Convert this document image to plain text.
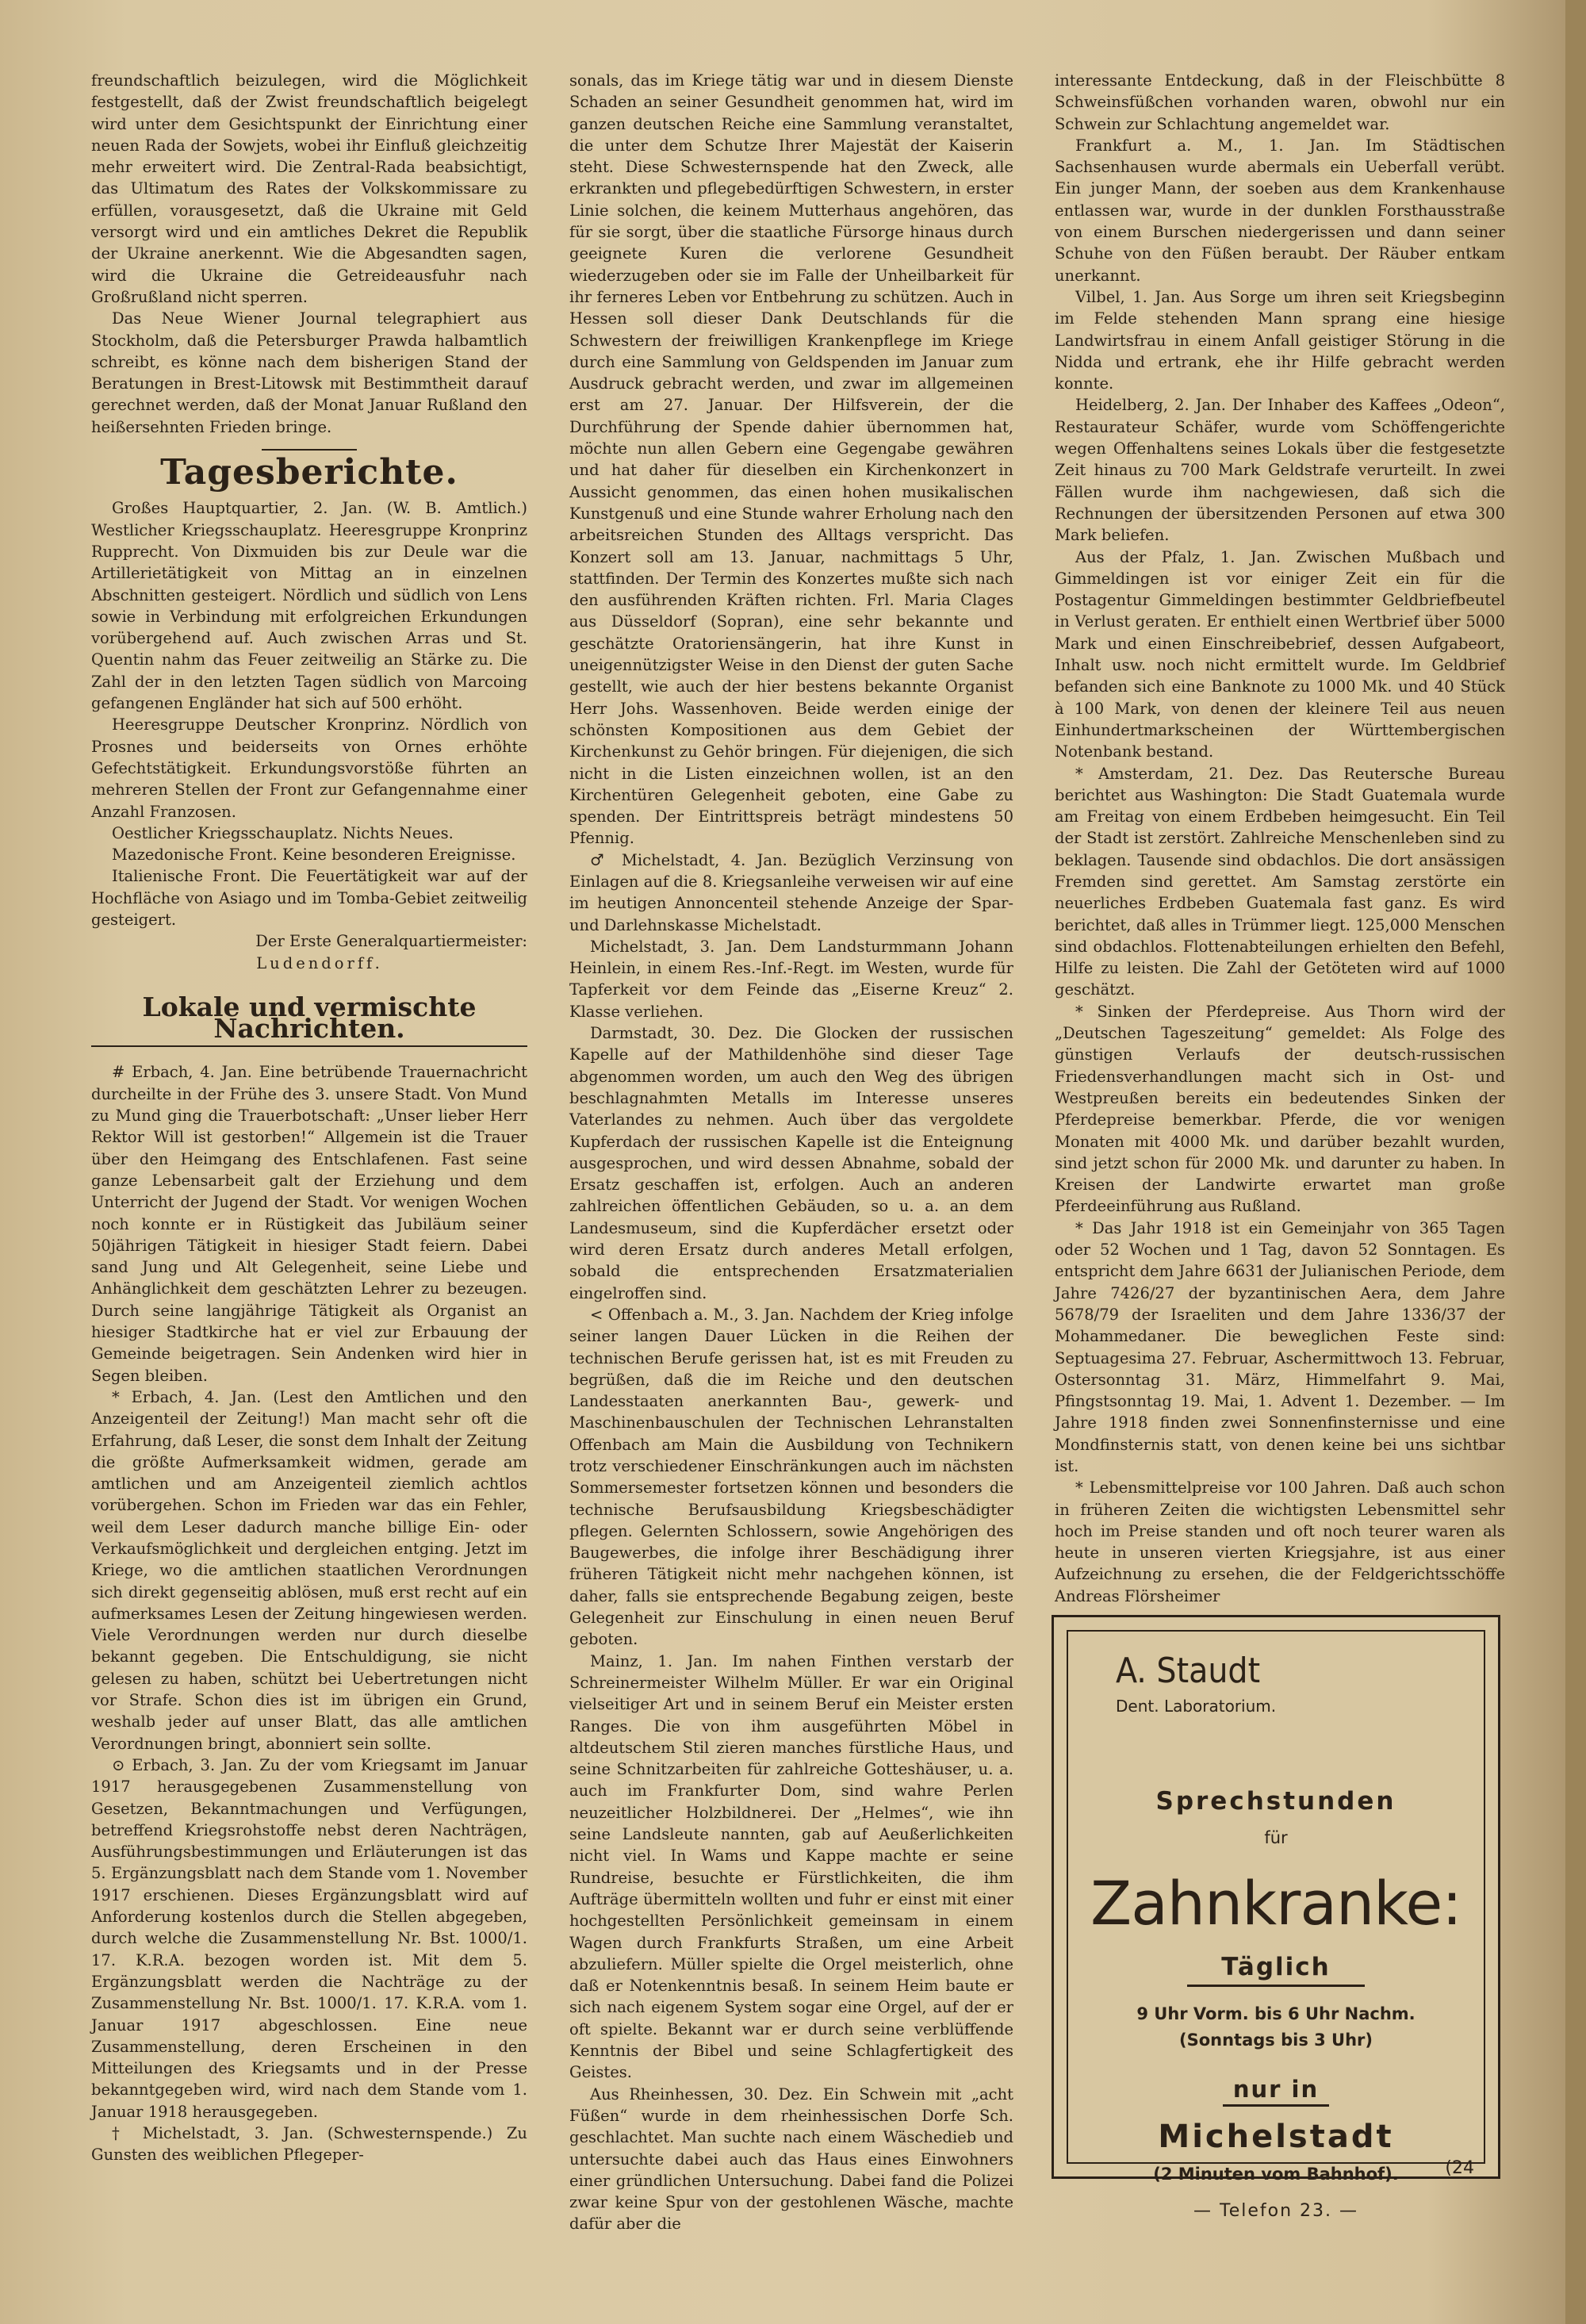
freundschaftlich beizulegen, wird die Möglichkeit festgestellt, daß der Zwist freundschaftlich beigelegt wird unter dem Gesichtspunkt der Einrichtung einer neuen Rada der Sowjets, wobei ihr Einfluß gleichzeitig mehr erweitert wird. Die Zentral-Rada beabsichtigt, das Ultimatum des Rates der Volkskommissare zu erfüllen, vorausgesetzt, daß die Ukraine mit Geld versorgt wird und ein amtliches Dekret die Republik der Ukraine anerkennt. Wie die Abgesandten sagen, wird die Ukraine die Getreideausfuhr nach Großrußland nicht sperren.

Das Neue Wiener Journal telegraphiert aus Stockholm, daß die Petersburger Prawda halbamtlich schreibt, es könne nach dem bisherigen Stand der Beratungen in Brest-Litowsk mit Bestimmtheit darauf gerechnet werden, daß der Monat Januar Rußland den heißersehnten Frieden bringe.

Tagesberichte.

Großes Hauptquartier, 2. Jan. (W. B. Amtlich.) Westlicher Kriegsschauplatz. Heeresgruppe Kronprinz Rupprecht. Von Dixmuiden bis zur Deule war die Artillerietätigkeit von Mittag an in einzelnen Abschnitten gesteigert. Nördlich und südlich von Lens sowie in Verbindung mit erfolgreichen Erkundungen vorübergehend auf. Auch zwischen Arras und St. Quentin nahm das Feuer zeitweilig an Stärke zu. Die Zahl der in den letzten Tagen südlich von Marcoing gefangenen Engländer hat sich auf 500 erhöht.

Heeresgruppe Deutscher Kronprinz. Nördlich von Prosnes und beiderseits von Ornes erhöhte Gefechtstätigkeit. Erkundungsvorstöße führten an mehreren Stellen der Front zur Gefangennahme einer Anzahl Franzosen.

Oestlicher Kriegsschauplatz. Nichts Neues.

Mazedonische Front. Keine besonderen Ereignisse.

Italienische Front. Die Feuertätigkeit war auf der Hochfläche von Asiago und im Tomba-Gebiet zeitweilig gesteigert.

Der Erste Generalquartiermeister:

Ludendorff.

Lokale und vermischte Nachrichten.

# Erbach, 4. Jan. Eine betrübende Trauernachricht durcheilte in der Frühe des 3. unsere Stadt. Von Mund zu Mund ging die Trauerbotschaft: „Unser lieber Herr Rektor Will ist gestorben!“ Allgemein ist die Trauer über den Heimgang des Entschlafenen. Fast seine ganze Lebensarbeit galt der Erziehung und dem Unterricht der Jugend der Stadt. Vor wenigen Wochen noch konnte er in Rüstigkeit das Jubiläum seiner 50jährigen Tätigkeit in hiesiger Stadt feiern. Dabei sand Jung und Alt Gelegenheit, seine Liebe und Anhänglichkeit dem geschätzten Lehrer zu bezeugen. Durch seine langjährige Tätigkeit als Organist an hiesiger Stadtkirche hat er viel zur Erbauung der Gemeinde beigetragen. Sein Andenken wird hier in Segen bleiben.

* Erbach, 4. Jan. (Lest den Amtlichen und den Anzeigenteil der Zeitung!) Man macht sehr oft die Erfahrung, daß Leser, die sonst dem Inhalt der Zeitung die größte Aufmerksamkeit widmen, gerade am amtlichen und am Anzeigenteil ziemlich achtlos vorübergehen. Schon im Frieden war das ein Fehler, weil dem Leser dadurch manche billige Ein- oder Verkaufsmöglichkeit und dergleichen entging. Jetzt im Kriege, wo die amtlichen staatlichen Verordnungen sich direkt gegenseitig ablösen, muß erst recht auf ein aufmerksames Lesen der Zeitung hingewiesen werden. Viele Verordnungen werden nur durch dieselbe bekannt gegeben. Die Entschuldigung, sie nicht gelesen zu haben, schützt bei Uebertretungen nicht vor Strafe. Schon dies ist im übrigen ein Grund, weshalb jeder auf unser Blatt, das alle amtlichen Verordnungen bringt, abonniert sein sollte.

⊙ Erbach, 3. Jan. Zu der vom Kriegsamt im Januar 1917 herausgegebenen Zusammenstellung von Gesetzen, Bekanntmachungen und Verfügungen, betreffend Kriegsrohstoffe nebst deren Nachträgen, Ausführungsbestimmungen und Erläuterungen ist das 5. Ergänzungsblatt nach dem Stande vom 1. November 1917 erschienen. Dieses Ergänzungsblatt wird auf Anforderung kostenlos durch die Stellen abgegeben, durch welche die Zusammenstellung Nr. Bst. 1000/1. 17. K.R.A. bezogen worden ist. Mit dem 5. Ergänzungsblatt werden die Nachträge zu der Zusammenstellung Nr. Bst. 1000/1. 17. K.R.A. vom 1. Januar 1917 abgeschlossen. Eine neue Zusammenstellung, deren Erscheinen in den Mitteilungen des Kriegsamts und in der Presse bekanntgegeben wird, wird nach dem Stande vom 1. Januar 1918 herausgegeben.

† Michelstadt, 3. Jan. (Schwesternspende.) Zu Gunsten des weiblichen Pflegeper-

sonals, das im Kriege tätig war und in diesem Dienste Schaden an seiner Gesundheit genommen hat, wird im ganzen deutschen Reiche eine Sammlung veranstaltet, die unter dem Schutze Ihrer Majestät der Kaiserin steht. Diese Schwesternspende hat den Zweck, alle erkrankten und pflegebedürftigen Schwestern, in erster Linie solchen, die keinem Mutterhaus angehören, das für sie sorgt, über die staatliche Fürsorge hinaus durch geeignete Kuren die verlorene Gesundheit wiederzugeben oder sie im Falle der Unheilbarkeit für ihr ferneres Leben vor Entbehrung zu schützen. Auch in Hessen soll dieser Dank Deutschlands für die Schwestern der freiwilligen Krankenpflege im Kriege durch eine Sammlung von Geldspenden im Januar zum Ausdruck gebracht werden, und zwar im allgemeinen erst am 27. Januar. Der Hilfsverein, der die Durchführung der Spende dahier übernommen hat, möchte nun allen Gebern eine Gegengabe gewähren und hat daher für dieselben ein Kirchenkonzert in Aussicht genommen, das einen hohen musikalischen Kunstgenuß und eine Stunde wahrer Erholung nach den arbeitsreichen Stunden des Alltags verspricht. Das Konzert soll am 13. Januar, nachmittags 5 Uhr, stattfinden. Der Termin des Konzertes mußte sich nach den ausführenden Kräften richten. Frl. Maria Clages aus Düsseldorf (Sopran), eine sehr bekannte und geschätzte Oratoriensängerin, hat ihre Kunst in uneigennützigster Weise in den Dienst der guten Sache gestellt, wie auch der hier bestens bekannte Organist Herr Johs. Wassenhoven. Beide werden einige der schönsten Kompositionen aus dem Gebiet der Kirchenkunst zu Gehör bringen. Für diejenigen, die sich nicht in die Listen einzeichnen wollen, ist an den Kirchentüren Gelegenheit geboten, eine Gabe zu spenden. Der Eintrittspreis beträgt mindestens 50 Pfennig.

♂ Michelstadt, 4. Jan. Bezüglich Verzinsung von Einlagen auf die 8. Kriegsanleihe verweisen wir auf eine im heutigen Annoncenteil stehende Anzeige der Spar- und Darlehnskasse Michelstadt.

Michelstadt, 3. Jan. Dem Landsturmmann Johann Heinlein, in einem Res.-Inf.-Regt. im Westen, wurde für Tapferkeit vor dem Feinde das „Eiserne Kreuz“ 2. Klasse verliehen.

Darmstadt, 30. Dez. Die Glocken der russischen Kapelle auf der Mathildenhöhe sind dieser Tage abgenommen worden, um auch den Weg des übrigen beschlagnahmten Metalls im Interesse unseres Vaterlandes zu nehmen. Auch über das vergoldete Kupferdach der russischen Kapelle ist die Enteignung ausgesprochen, und wird dessen Abnahme, sobald der Ersatz geschaffen ist, erfolgen. Auch an anderen zahlreichen öffentlichen Gebäuden, so u. a. an dem Landesmuseum, sind die Kupferdächer ersetzt oder wird deren Ersatz durch anderes Metall erfolgen, sobald die entsprechenden Ersatzmaterialien eingelroffen sind.

< Offenbach a. M., 3. Jan. Nachdem der Krieg infolge seiner langen Dauer Lücken in die Reihen der technischen Berufe gerissen hat, ist es mit Freuden zu begrüßen, daß die im Reiche und den deutschen Landesstaaten anerkannten Bau-, gewerk- und Maschinenbauschulen der Technischen Lehranstalten Offenbach am Main die Ausbildung von Technikern trotz verschiedener Einschränkungen auch im nächsten Sommersemester fortsetzen können und besonders die technische Berufsausbildung Kriegsbeschädigter pflegen. Gelernten Schlossern, sowie Angehörigen des Baugewerbes, die infolge ihrer Beschädigung ihrer früheren Tätigkeit nicht mehr nachgehen können, ist daher, falls sie entsprechende Begabung zeigen, beste Gelegenheit zur Einschulung in einen neuen Beruf geboten.

Mainz, 1. Jan. Im nahen Finthen verstarb der Schreinermeister Wilhelm Müller. Er war ein Original vielseitiger Art und in seinem Beruf ein Meister ersten Ranges. Die von ihm ausgeführten Möbel in altdeutschem Stil zieren manches fürstliche Haus, und seine Schnitzarbeiten für zahlreiche Gotteshäuser, u. a. auch im Frankfurter Dom, sind wahre Perlen neuzeitlicher Holzbildnerei. Der „Helmes“, wie ihn seine Landsleute nannten, gab auf Aeußerlichkeiten nicht viel. In Wams und Kappe machte er seine Rundreise, besuchte er Fürstlichkeiten, die ihm Aufträge übermitteln wollten und fuhr er einst mit einer hochgestellten Persönlichkeit gemeinsam in einem Wagen durch Frankfurts Straßen, um eine Arbeit abzuliefern. Müller spielte die Orgel meisterlich, ohne daß er Notenkenntnis besaß. In seinem Heim baute er sich nach eigenem System sogar eine Orgel, auf der er oft spielte. Bekannt war er durch seine verblüffende Kenntnis der Bibel und seine Schlagfertigkeit des Geistes.

Aus Rheinhessen, 30. Dez. Ein Schwein mit „acht Füßen“ wurde in dem rheinhessischen Dorfe Sch. geschlachtet. Man suchte nach einem Wäschedieb und untersuchte dabei auch das Haus eines Einwohners einer gründlichen Untersuchung. Dabei fand die Polizei zwar keine Spur von der gestohlenen Wäsche, machte dafür aber die

interessante Entdeckung, daß in der Fleischbütte 8 Schweinsfüßchen vorhanden waren, obwohl nur ein Schwein zur Schlachtung angemeldet war.

Frankfurt a. M., 1. Jan. Im Städtischen Sachsenhausen wurde abermals ein Ueberfall verübt. Ein junger Mann, der soeben aus dem Krankenhause entlassen war, wurde in der dunklen Forsthausstraße von einem Burschen niedergerissen und dann seiner Schuhe von den Füßen beraubt. Der Räuber entkam unerkannt.

Vilbel, 1. Jan. Aus Sorge um ihren seit Kriegsbeginn im Felde stehenden Mann sprang eine hiesige Landwirtsfrau in einem Anfall geistiger Störung in die Nidda und ertrank, ehe ihr Hilfe gebracht werden konnte.

Heidelberg, 2. Jan. Der Inhaber des Kaffees „Odeon“, Restaurateur Schäfer, wurde vom Schöffengerichte wegen Offenhaltens seines Lokals über die festgesetzte Zeit hinaus zu 700 Mark Geldstrafe verurteilt. In zwei Fällen wurde ihm nachgewiesen, daß sich die Rechnungen der übersitzenden Personen auf etwa 300 Mark beliefen.

Aus der Pfalz, 1. Jan. Zwischen Mußbach und Gimmeldingen ist vor einiger Zeit ein für die Postagentur Gimmeldingen bestimmter Geldbriefbeutel in Verlust geraten. Er enthielt einen Wertbrief über 5000 Mark und einen Einschreibebrief, dessen Aufgabeort, Inhalt usw. noch nicht ermittelt wurde. Im Geldbrief befanden sich eine Banknote zu 1000 Mk. und 40 Stück à 100 Mark, von denen der kleinere Teil aus neuen Einhundertmarkscheinen der Württembergischen Notenbank bestand.

* Amsterdam, 21. Dez. Das Reutersche Bureau berichtet aus Washington: Die Stadt Guatemala wurde am Freitag von einem Erdbeben heimgesucht. Ein Teil der Stadt ist zerstört. Zahlreiche Menschenleben sind zu beklagen. Tausende sind obdachlos. Die dort ansässigen Fremden sind gerettet. Am Samstag zerstörte ein neuerliches Erdbeben Guatemala fast ganz. Es wird berichtet, daß alles in Trümmer liegt. 125,000 Menschen sind obdachlos. Flottenabteilungen erhielten den Befehl, Hilfe zu leisten. Die Zahl der Getöteten wird auf 1000 geschätzt.

* Sinken der Pferdepreise. Aus Thorn wird der „Deutschen Tageszeitung“ gemeldet: Als Folge des günstigen Verlaufs der deutsch-russischen Friedensverhandlungen macht sich in Ost- und Westpreußen bereits ein bedeutendes Sinken der Pferdepreise bemerkbar. Pferde, die vor wenigen Monaten mit 4000 Mk. und darüber bezahlt wurden, sind jetzt schon für 2000 Mk. und darunter zu haben. In Kreisen der Landwirte erwartet man große Pferdeeinführung aus Rußland.

* Das Jahr 1918 ist ein Gemeinjahr von 365 Tagen oder 52 Wochen und 1 Tag, davon 52 Sonntagen. Es entspricht dem Jahre 6631 der Julianischen Periode, dem Jahre 7426/27 der byzantinischen Aera, dem Jahre 5678/79 der Israeliten und dem Jahre 1336/37 der Mohammedaner. Die beweglichen Feste sind: Septuagesima 27. Februar, Aschermittwoch 13. Februar, Ostersonntag 31. März, Himmelfahrt 9. Mai, Pfingstsonntag 19. Mai, 1. Advent 1. Dezember. — Im Jahre 1918 finden zwei Sonnenfinsternisse und eine Mondfinsternis statt, von denen keine bei uns sichtbar ist.

* Lebensmittelpreise vor 100 Jahren. Daß auch schon in früheren Zeiten die wichtigsten Lebensmittel sehr hoch im Preise standen und oft noch teurer waren als heute in unseren vierten Kriegsjahre, ist aus einer Aufzeichnung zu ersehen, die der Feldgerichtsschöffe Andreas Flörsheimer

A. Staudt
Dent. Laboratorium.
Sprechstunden
für
Zahnkranke:
Täglich
9 Uhr Vorm. bis 6 Uhr Nachm.
(Sonntags bis 3 Uhr)
nur in
Michelstadt
(2 Minuten vom Bahnhof).
— Telefon 23. —
(24
